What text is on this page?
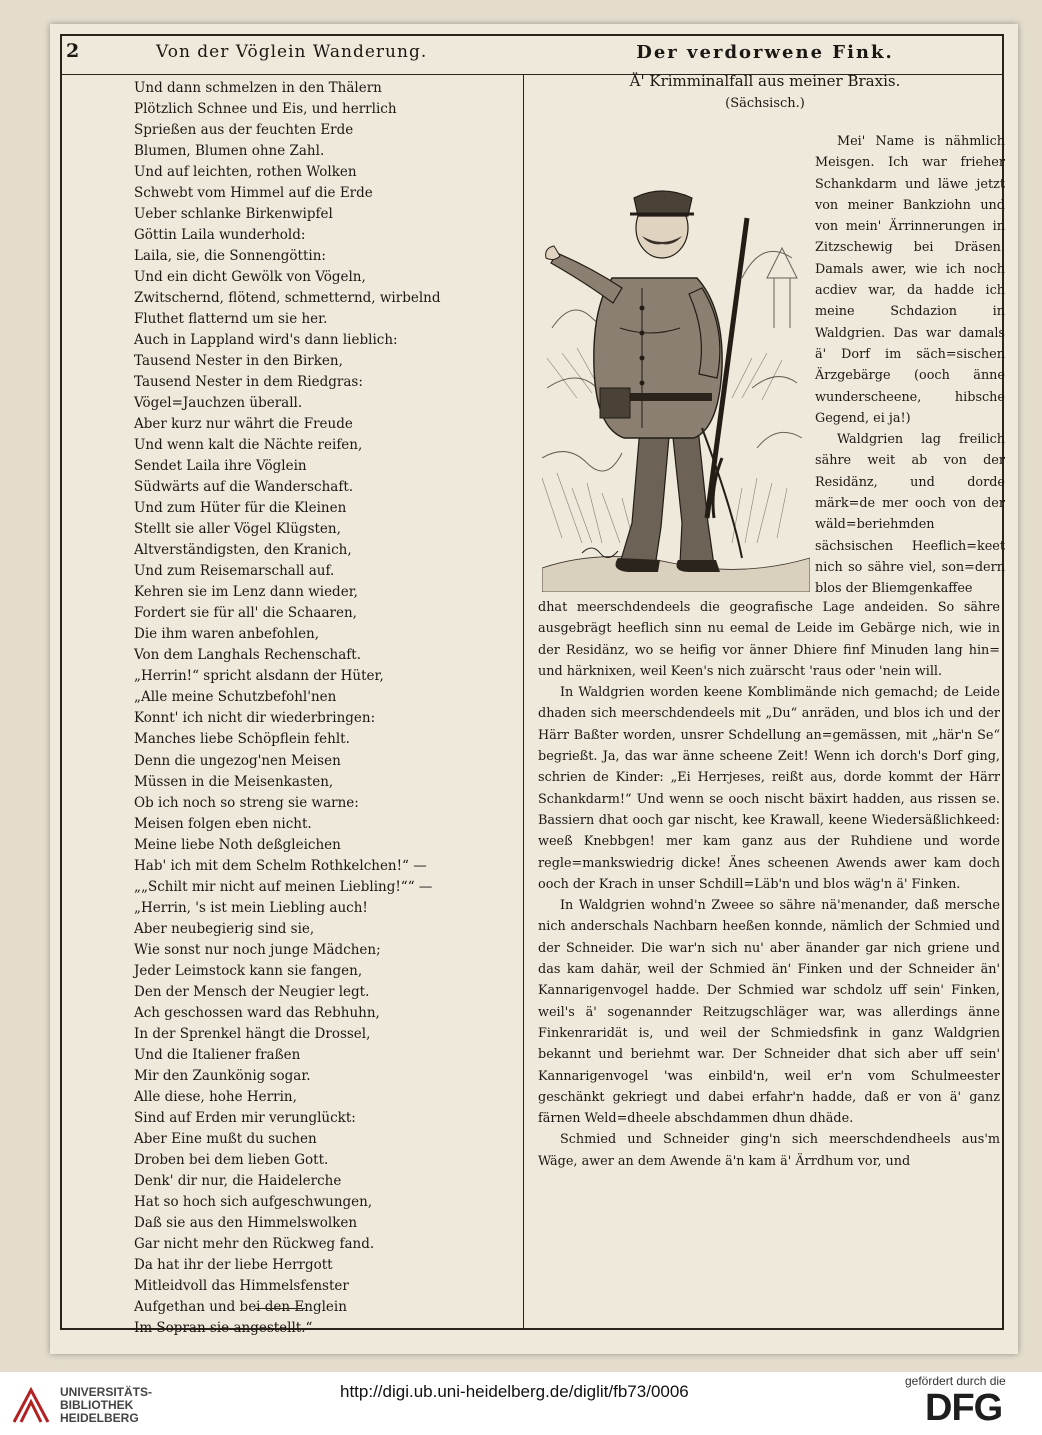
2	Von der Vöglein Wanderung.
Und dann schmelzen in den Thälern
Plötzlich Schnee und Eis, und herrlich
Sprießen aus der feuchten Erde
Blumen, Blumen ohne Zahl.
Und auf leichten, rothen Wolken
Schwebt vom Himmel auf die Erde
Ueber schlanke Birkenwipfel
Göttin Laila wunderhold:
Laila, sie, die Sonnengöttin:
Und ein dicht Gewölk von Vögeln,
Zwitschernd, flötend, schmetternd, wirbelnd
Fluthet flatternd um sie her.
Auch in Lappland wird's dann lieblich:
Tausend Nester in den Birken,
Tausend Nester in dem Riedgras:
Vögel=Jauchzen überall.
Aber kurz nur währt die Freude
Und wenn kalt die Nächte reifen,
Sendet Laila ihre Vöglein
Südwärts auf die Wanderschaft.
Und zum Hüter für die Kleinen
Stellt sie aller Vögel Klügsten,
Altverständigsten, den Kranich,
Und zum Reisemarschall auf.
Kehren sie im Lenz dann wieder,
Fordert sie für all' die Schaaren,
Die ihm waren anbefohlen,
Von dem Langhals Rechenschaft.
„Herrin!“ spricht alsdann der Hüter,
„Alle meine Schutzbefohl'nen
Konnt' ich nicht dir wiederbringen:
Manches liebe Schöpflein fehlt.
Denn die ungezog'nen Meisen
Müssen in die Meisenkasten,
Ob ich noch so streng sie warne:
Meisen folgen eben nicht.
Meine liebe Noth deßgleichen
Hab' ich mit dem Schelm Rothkelchen!“ —
„„Schilt mir nicht auf meinen Liebling!““ —
„Herrin, 's ist mein Liebling auch!
Aber neubegierig sind sie,
Wie sonst nur noch junge Mädchen;
Jeder Leimstock kann sie fangen,
Den der Mensch der Neugier legt.
Ach geschossen ward das Rebhuhn,
In der Sprenkel hängt die Drossel,
Und die Italiener fraßen
Mir den Zaunkönig sogar.
Alle diese, hohe Herrin,
Sind auf Erden mir verunglückt:
Aber Eine mußt du suchen
Droben bei dem lieben Gott.
Denk' dir nur, die Haidelerche
Hat so hoch sich aufgeschwungen,
Daß sie aus den Himmelswolken
Gar nicht mehr den Rückweg fand.
Da hat ihr der liebe Herrgott
Mitleidvoll das Himmelsfenster
Aufgethan und bei den Englein
Im Sopran sie angestellt.“
Der verdorwene Fink.
Ä' Krimminalfall aus meiner Braxis.
(Sächsisch.)

Mei' Name is nähmlich Meisgen. Ich war frieher Schankdarm und läwe jetzt von meiner Bankziohn und von mein' Ärrinnerungen in Zitzschewig bei Dräsen. Damals awer, wie ich noch acdiev war, da hadde ich meine Schdazion in Waldgrien. Das war damals ä' Dorf im säch=sischen Ärzgebärge (ooch änne wunderscheene, hibsche Gegend, ei ja!)

Waldgrien lag freilich sähre weit ab von der Residänz, und dorde märk=de mer ooch von der wäld=beriehmden sächsischen Heeflich=keet nich so sähre viel, son=dern blos der Bliemgenkaffee

dhat meerschdendeels die geografische Lage andeiden. So sähre ausgebrägt heeflich sinn nu eemal de Leide im Gebärge nich, wie in der Residänz, wo se heifig vor änner Dhiere finf Minuden lang hin= und härknixen, weil Keen's nich zuärscht 'raus oder 'nein will.

In Waldgrien worden keene Komblimände nich gemachd; de Leide dhaden sich meerschdendeels mit „Du“ anräden, und blos ich und der Härr Baßter worden, unsrer Schdellung an=gemässen, mit „här'n Se“ begrießt. Ja, das war änne scheene Zeit! Wenn ich dorch's Dorf ging, schrien de Kinder: „Ei Herrjeses, reißt aus, dorde kommt der Härr Schankdarm!“ Und wenn se ooch nischt bäxirt hadden, aus rissen se. Bassiern dhat ooch gar nischt, kee Krawall, keene Wiedersäßlichkeed: weeß Knebbgen! mer kam ganz aus der Ruhdiene und worde regle=mankswiedrig dicke! Änes scheenen Awends awer kam doch ooch der Krach in unser Schdill=Läb'n und blos wäg'n ä' Finken.

In Waldgrien wohnd'n Zweee so sähre nä'menander, daß mersche nich anderschals Nachbarn heeßen konnde, nämlich der Schmied und der Schneider. Die war'n sich nu' aber änander gar nich griene und das kam dahär, weil der Schmied än' Finken und der Schneider än' Kannarigenvogel hadde. Der Schmied war schdolz uff sein' Finken, weil's ä' sogenannder Reitzugschläger war, was allerdings änne Finkenraridät is, und weil der Schmiedsfink in ganz Waldgrien bekannt und beriehmt war. Der Schneider dhat sich aber uff sein' Kannarigenvogel 'was einbild'n, weil er'n vom Schulmeester geschänkt gekriegt und dabei erfahr'n hadde, daß er von ä' ganz färnen Weld=dheele abschdammen dhun dhäde.

Schmied und Schneider ging'n sich meerschdendheels aus'm Wäge, awer an dem Awende ä'n kam ä' Ärrdhum vor, und

UNIVERSITÄTS-
BIBLIOTHEK
HEIDELBERG
http://digi.ub.uni-heidelberg.de/diglit/fb73/0006
gefördert durch die
DFG
